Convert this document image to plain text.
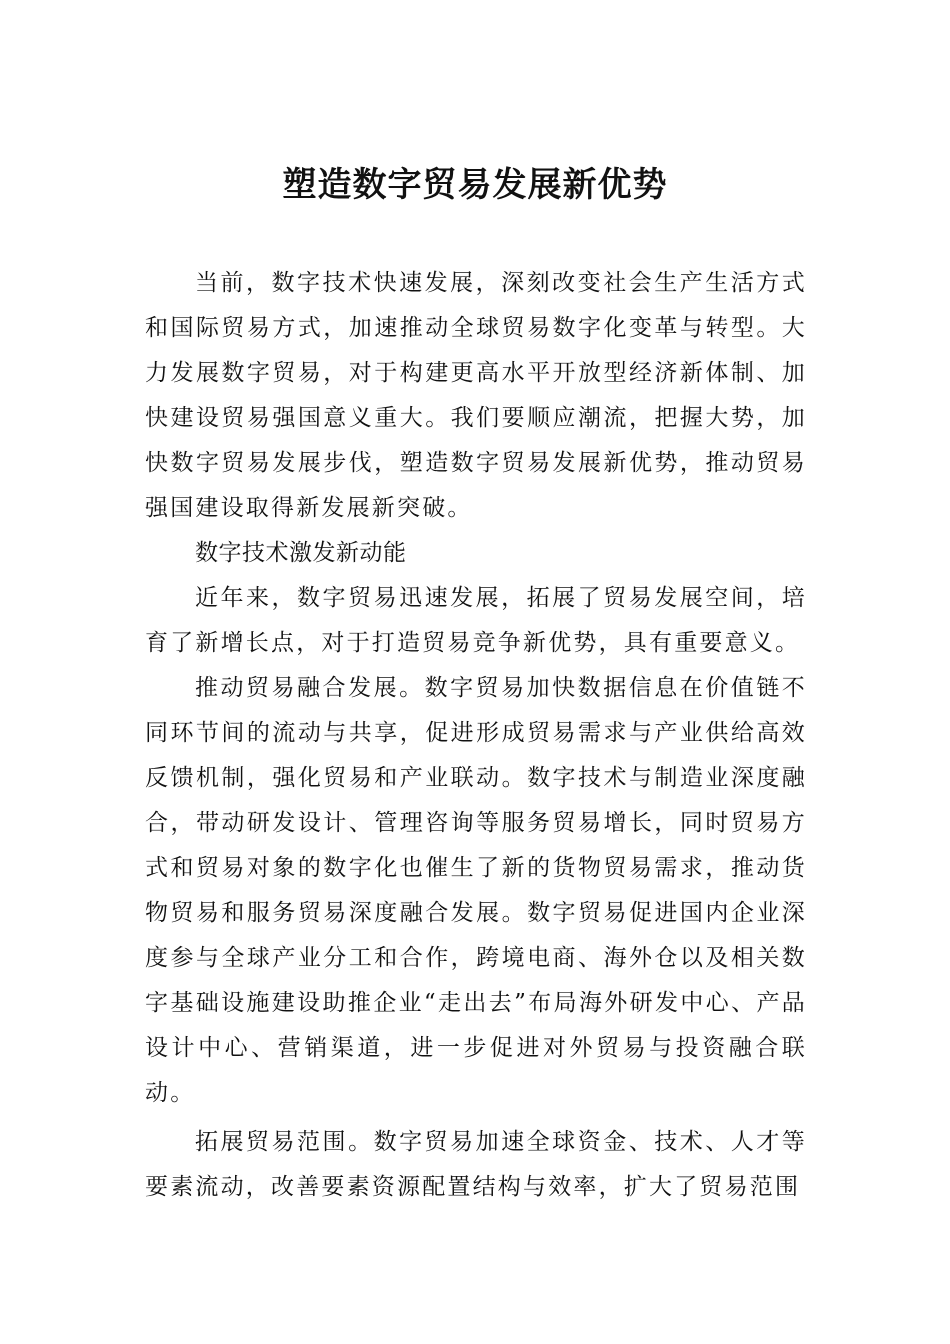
塑造数字贸易发展新优势

当前，数字技术快速发展，深刻改变社会生产生活方式和国际贸易方式，加速推动全球贸易数字化变革与转型。大力发展数字贸易，对于构建更高水平开放型经济新体制、加快建设贸易强国意义重大。我们要顺应潮流，把握大势，加快数字贸易发展步伐，塑造数字贸易发展新优势，推动贸易强国建设取得新发展新突破。

数字技术激发新动能

近年来，数字贸易迅速发展，拓展了贸易发展空间，培育了新增长点，对于打造贸易竞争新优势，具有重要意义。

推动贸易融合发展。数字贸易加快数据信息在价值链不同环节间的流动与共享，促进形成贸易需求与产业供给高效反馈机制，强化贸易和产业联动。数字技术与制造业深度融合，带动研发设计、管理咨询等服务贸易增长，同时贸易方式和贸易对象的数字化也催生了新的货物贸易需求，推动货物贸易和服务贸易深度融合发展。数字贸易促进国内企业深度参与全球产业分工和合作，跨境电商、海外仓以及相关数字基础设施建设助推企业“走出去”布局海外研发中心、产品设计中心、营销渠道，进一步促进对外贸易与投资融合联动。

拓展贸易范围。数字贸易加速全球资金、技术、人才等要素流动，改善要素资源配置结构与效率，扩大了贸易范围
